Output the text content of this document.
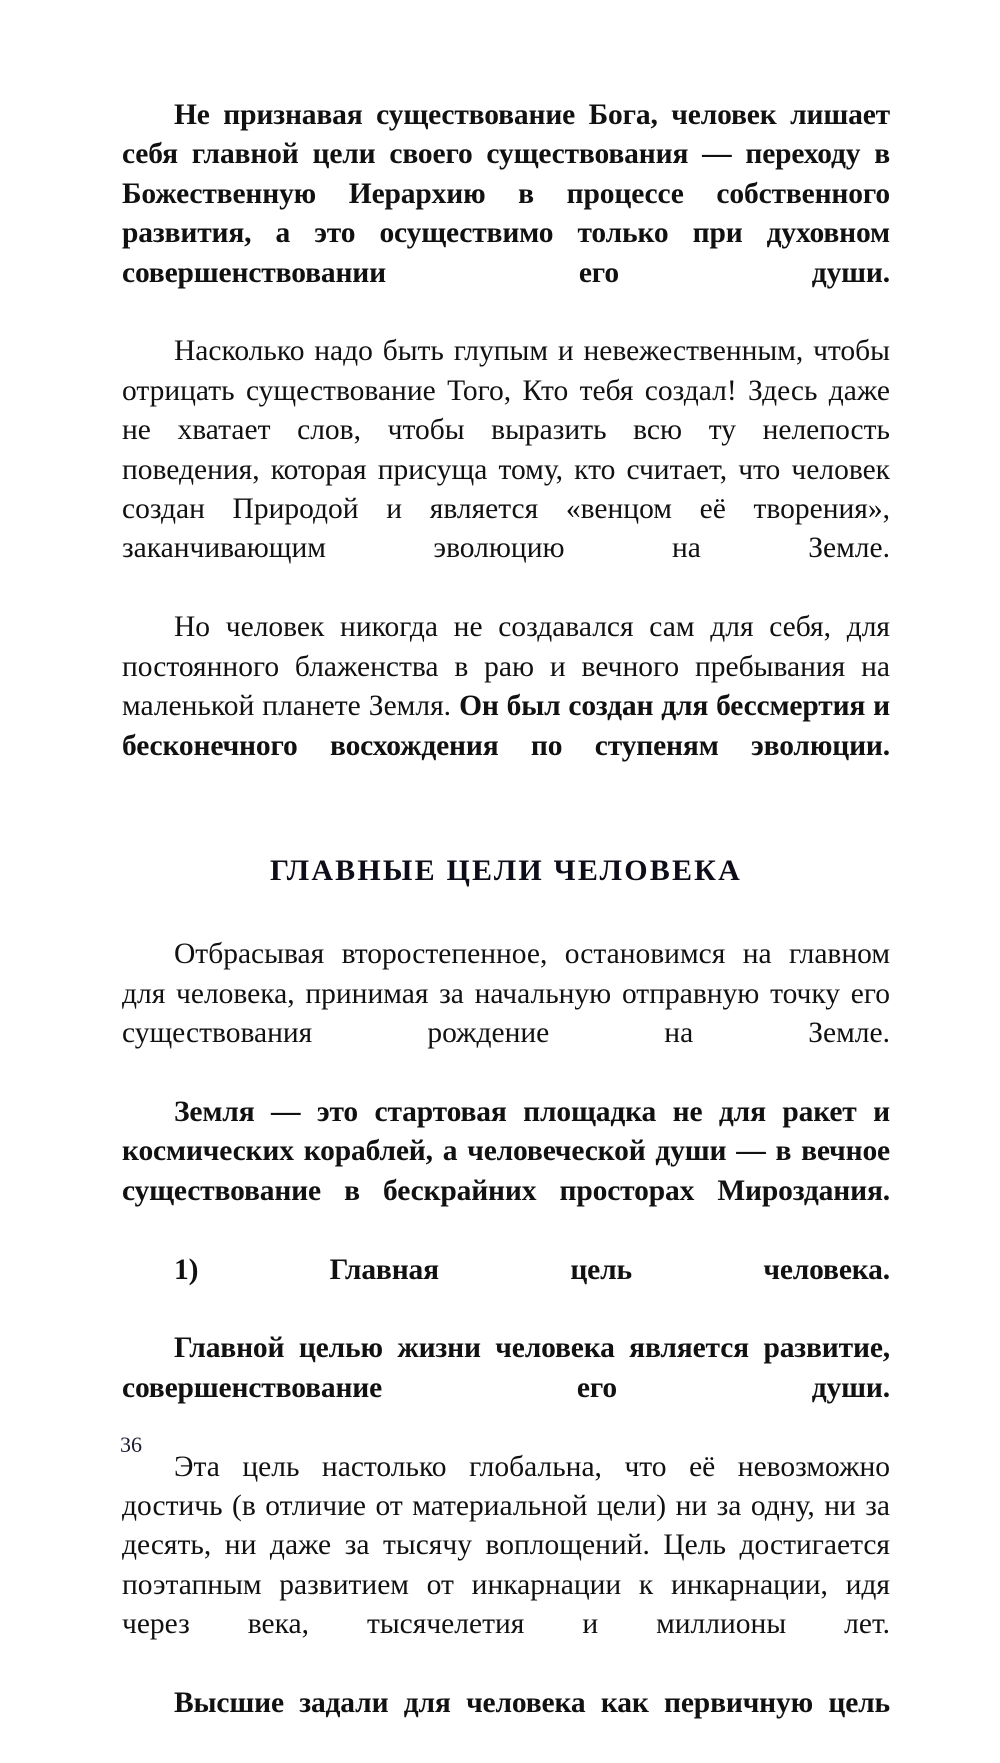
Не признавая существование Бога, человек лишает себя главной цели своего существования — переходу в Божественную Иерархию в процессе собственного развития, а это осуществимо только при духовном совершенствовании его души.

Насколько надо быть глупым и невежественным, чтобы отрицать существование Того, Кто тебя создал! Здесь даже не хватает слов, чтобы выразить всю ту нелепость поведения, которая присуща тому, кто считает, что человек создан Природой и является «венцом её творения», заканчивающим эволюцию на Земле.

Но человек никогда не создавался сам для себя, для постоянного блаженства в раю и вечного пребывания на маленькой планете Земля. Он был создан для бессмертия и бесконечного восхождения по ступеням эволюции.

ГЛАВНЫЕ ЦЕЛИ ЧЕЛОВЕКА

Отбрасывая второстепенное, остановимся на главном для человека, принимая за начальную отправную точку его существования рождение на Земле.

Земля — это стартовая площадка не для ракет и космических кораблей, а человеческой души — в вечное существование в бескрайних просторах Мироздания.

1) Главная цель человека.

Главной целью жизни человека является развитие, совершенствование его души.

Эта цель настолько глобальна, что её невозможно достичь (в отличие от материальной цели) ни за одну, ни за десять, ни даже за тысячу воплощений. Цель достигается поэтапным развитием от инкарнации к инкарнации, идя через века, тысячелетия и миллионы лет.

Высшие задали для человека как первичную цель

36
